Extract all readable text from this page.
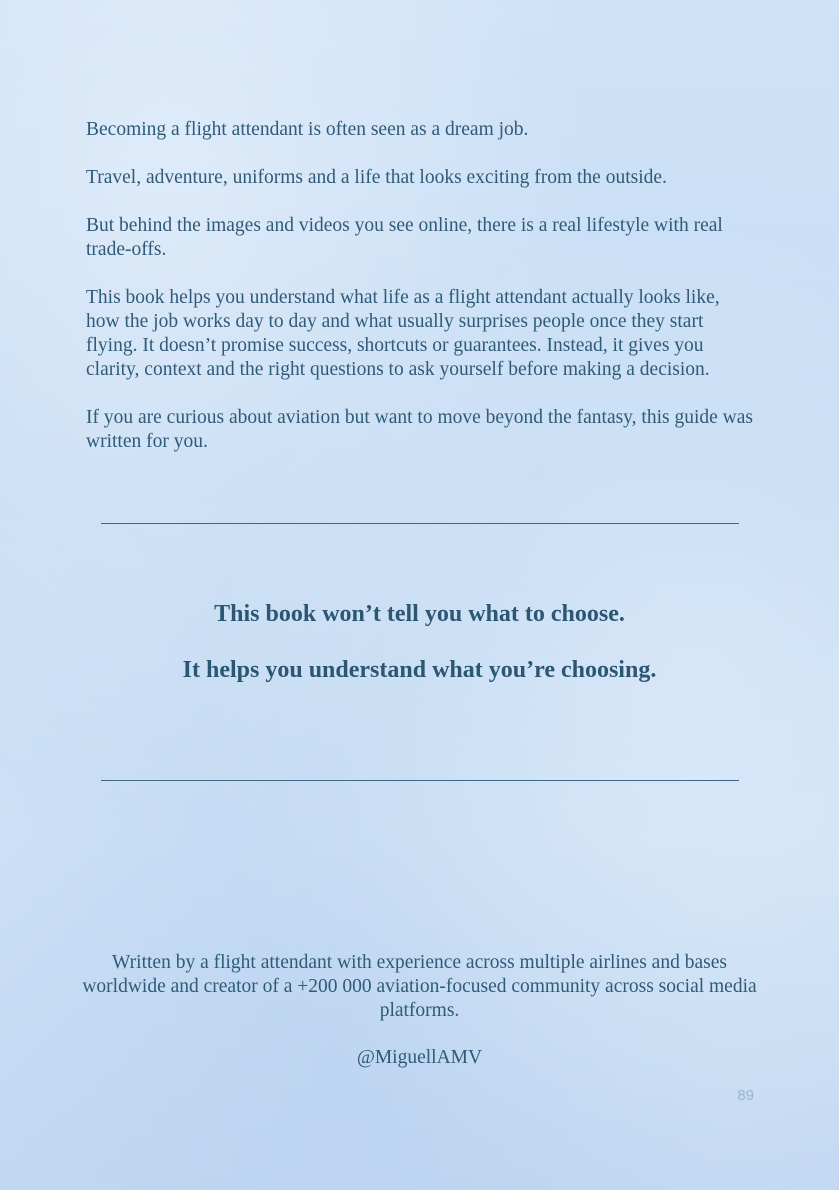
Becoming a flight attendant is often seen as a dream job.

Travel, adventure, uniforms and a life that looks exciting from the outside.

But behind the images and videos you see online, there is a real lifestyle with real trade-offs.

This book helps you understand what life as a flight attendant actually looks like, how the job works day to day and what usually surprises people once they start flying. It doesn’t promise success, shortcuts or guarantees. Instead, it gives you clarity, context and the right questions to ask yourself before making a decision.

If you are curious about aviation but want to move beyond the fantasy, this guide was written for you.

This book won’t tell you what to choose.
It helps you understand what you’re choosing.
Written by a flight attendant with experience across multiple airlines and bases worldwide and creator of a +200 000 aviation-focused community across social media platforms.
@MiguellAMV
89
